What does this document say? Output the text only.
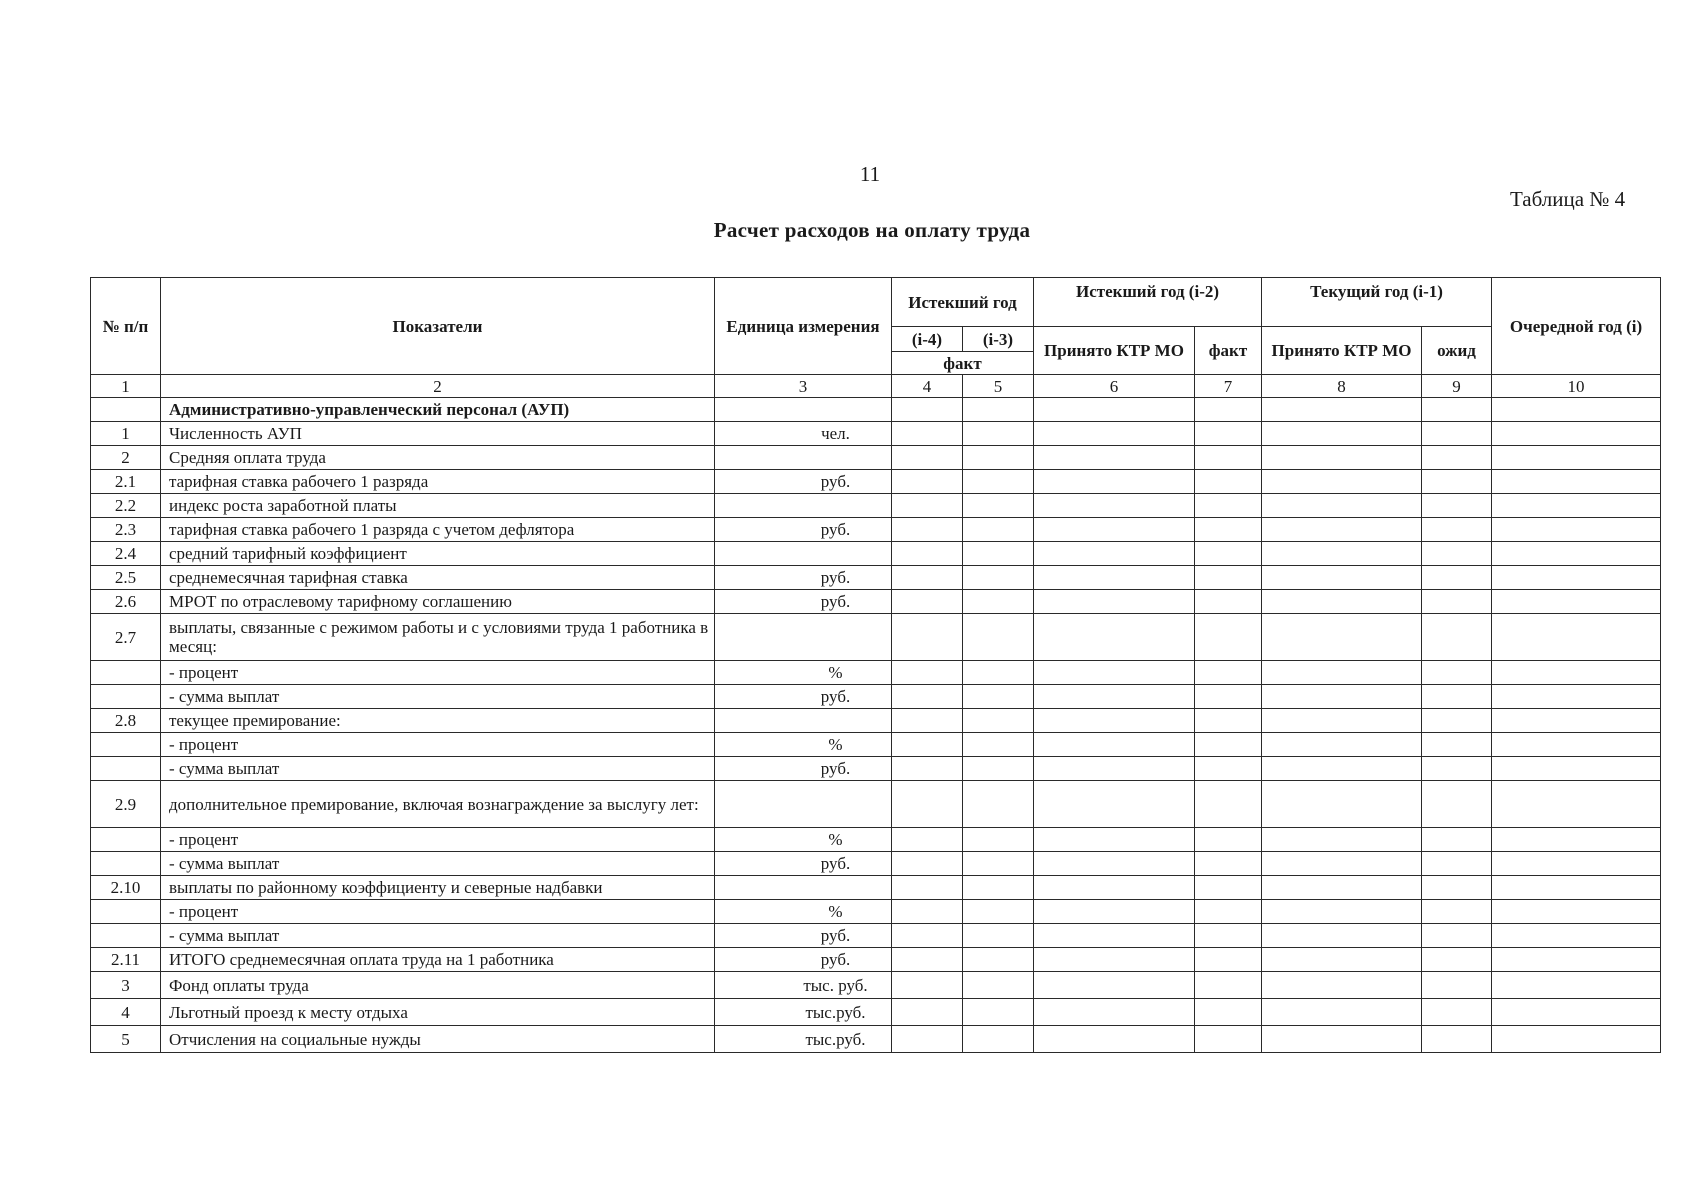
11
Таблица № 4
Расчет расходов на оплату труда
№ п/п	Показатели	Единица измерения	Истекший год		Истекший год (i-2)		Текущий год (i-1)		Очередной год (i)
			(i-4)	(i-3)	Принято КТР МО	факт	Принято КТР МО	ожид	
			факт						
1	2	3	4	5	6	7	8	9	10
	Административно-управленческий персонал (АУП)								
1	Численность АУП	чел.							
2	Средняя оплата труда								
2.1	тарифная ставка рабочего 1 разряда	руб.							
2.2	индекс роста заработной платы								
2.3	тарифная ставка рабочего 1 разряда с учетом дефлятора	руб.							
2.4	средний тарифный коэффициент								
2.5	среднемесячная тарифная ставка	руб.							
2.6	МРОТ по отраслевому тарифному соглашению	руб.							
2.7	выплаты, связанные с режимом работы и с условиями труда 1 работника в месяц:								
	- процент	%							
	- сумма выплат	руб.							
2.8	текущее премирование:								
	- процент	%							
	- сумма выплат	руб.							
2.9	дополнительное премирование, включая вознаграждение за выслугу лет:								
	- процент	%							
	- сумма выплат	руб.							
2.10	выплаты по районному коэффициенту и северные надбавки								
	- процент	%							
	- сумма выплат	руб.							
2.11	ИТОГО среднемесячная оплата труда на 1 работника	руб.							
3	Фонд оплаты труда	тыс. руб.							
4	Льготный проезд к месту отдыха	тыс.руб.							
5	Отчисления на социальные нужды	тыс.руб.							
